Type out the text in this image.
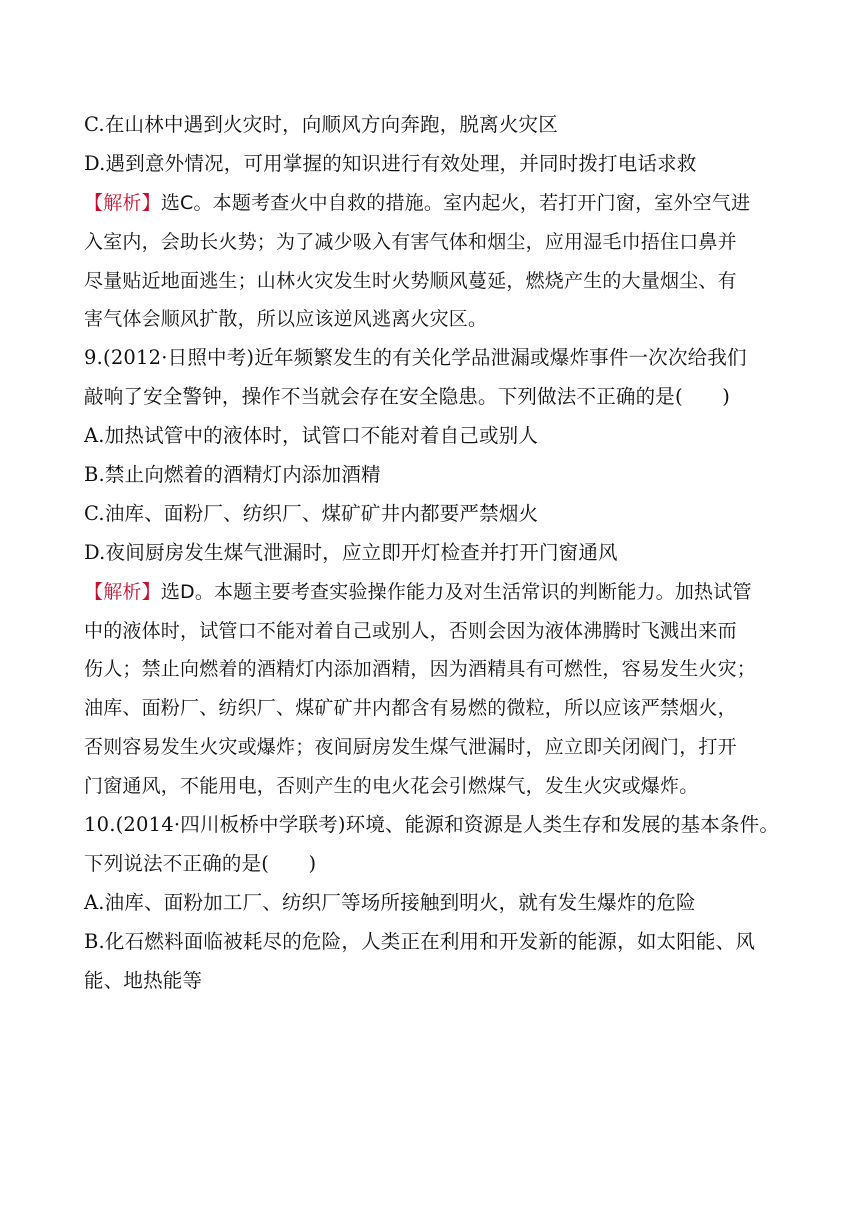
C.在山林中遇到火灾时，向顺风方向奔跑，脱离火灾区
D.遇到意外情况，可用掌握的知识进行有效处理，并同时拨打电话求救
【解析】选C。本题考查火中自救的措施。室内起火，若打开门窗，室外空气进
入室内，会助长火势；为了减少吸入有害气体和烟尘，应用湿毛巾捂住口鼻并
尽量贴近地面逃生；山林火灾发生时火势顺风蔓延，燃烧产生的大量烟尘、有
害气体会顺风扩散，所以应该逆风逃离火灾区。
9.(2012·日照中考)近年频繁发生的有关化学品泄漏或爆炸事件一次次给我们
敲响了安全警钟，操作不当就会存在安全隐患。下列做法不正确的是(　　)
A.加热试管中的液体时，试管口不能对着自己或别人
B.禁止向燃着的酒精灯内添加酒精
C.油库、面粉厂、纺织厂、煤矿矿井内都要严禁烟火
D.夜间厨房发生煤气泄漏时，应立即开灯检查并打开门窗通风
【解析】选D。本题主要考查实验操作能力及对生活常识的判断能力。加热试管
中的液体时，试管口不能对着自己或别人，否则会因为液体沸腾时飞溅出来而
伤人；禁止向燃着的酒精灯内添加酒精，因为酒精具有可燃性，容易发生火灾；
油库、面粉厂、纺织厂、煤矿矿井内都含有易燃的微粒，所以应该严禁烟火，
否则容易发生火灾或爆炸；夜间厨房发生煤气泄漏时，应立即关闭阀门，打开
门窗通风，不能用电，否则产生的电火花会引燃煤气，发生火灾或爆炸。
10.(2014·四川板桥中学联考)环境、能源和资源是人类生存和发展的基本条件。
下列说法不正确的是(　　)
A.油库、面粉加工厂、纺织厂等场所接触到明火，就有发生爆炸的危险
B.化石燃料面临被耗尽的危险，人类正在利用和开发新的能源，如太阳能、风
能、地热能等
